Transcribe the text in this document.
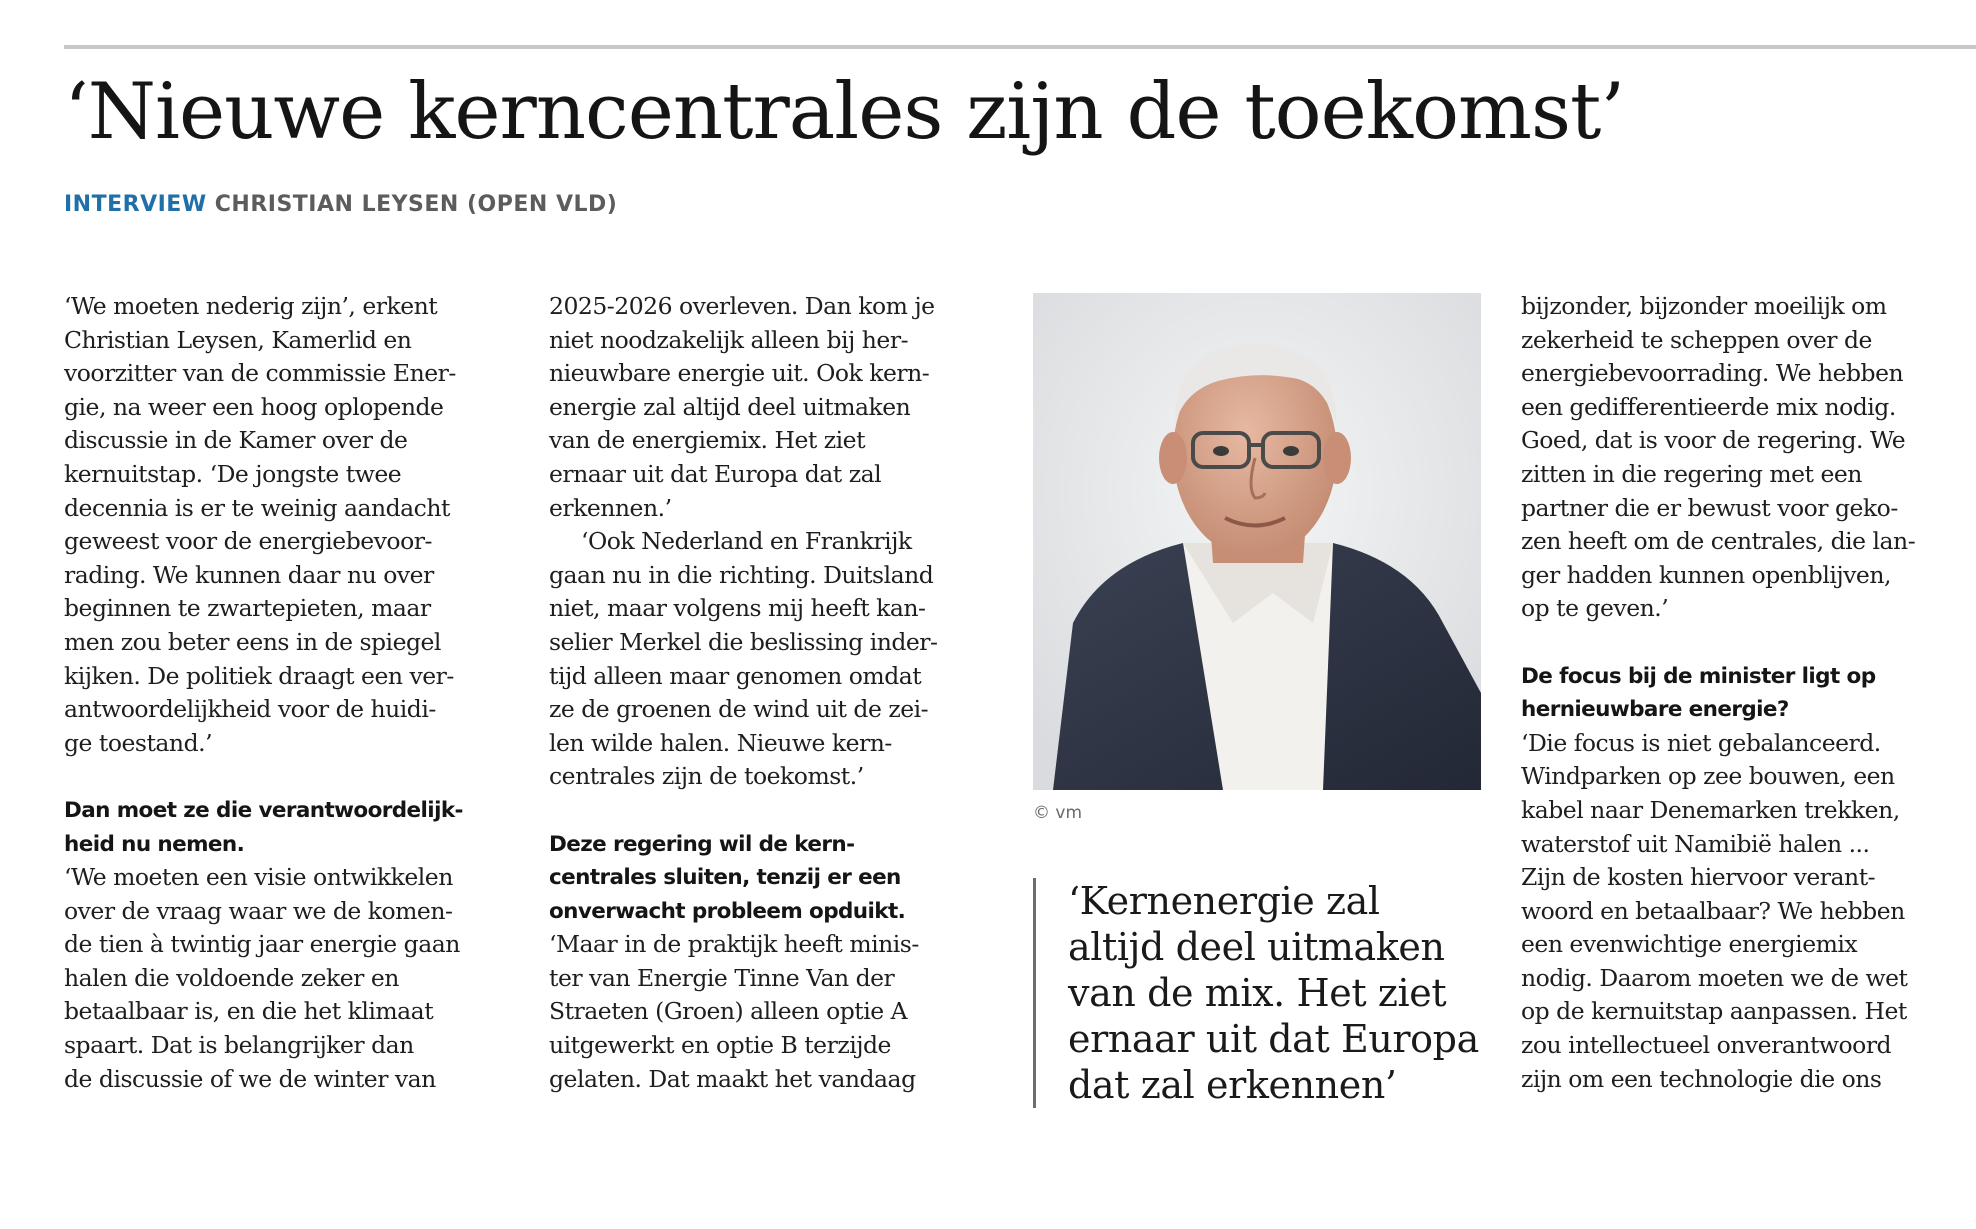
‘Nieuwe kerncentrales zijn de toekomst’
INTERVIEW CHRISTIAN LEYSEN (OPEN VLD)
‘We moeten nederig zijn’, erkent
Christian Leysen, Kamerlid en
voorzitter van de commissie Ener-
gie, na weer een hoog oplopende
discussie in de Kamer over de
kernuitstap. ‘De jongste twee
decennia is er te weinig aandacht
geweest voor de energiebevoor-
rading. We kunnen daar nu over
beginnen te zwartepieten, maar
men zou beter eens in de spiegel
kijken. De politiek draagt een ver-
antwoordelijkheid voor de huidi-
ge toestand.’
Dan moet ze die verantwoordelijk-
heid nu nemen.
‘We moeten een visie ontwikkelen
over de vraag waar we de komen-
de tien à twintig jaar energie gaan
halen die voldoende zeker en
betaalbaar is, en die het klimaat
spaart. Dat is belangrijker dan
de discussie of we de winter van
2025-2026 overleven. Dan kom je
niet noodzakelijk alleen bij her-
nieuwbare energie uit. Ook kern-
energie zal altijd deel uitmaken
van de energiemix. Het ziet
ernaar uit dat Europa dat zal
erkennen.’
‘Ook Nederland en Frankrijk
gaan nu in die richting. Duitsland
niet, maar volgens mij heeft kan-
selier Merkel die beslissing inder-
tijd alleen maar genomen omdat
ze de groenen de wind uit de zei-
len wilde halen. Nieuwe kern-
centrales zijn de toekomst.’
Deze regering wil de kern-
centrales sluiten, tenzij er een
onverwacht probleem opduikt.
‘Maar in de praktijk heeft minis-
ter van Energie Tinne Van der
Straeten (Groen) alleen optie A
uitgewerkt en optie B terzijde
gelaten. Dat maakt het vandaag
© vm
‘Kernenergie zal
altijd deel uitmaken
van de mix. Het ziet
ernaar uit dat Europa
dat zal erkennen’
bijzonder, bijzonder moeilijk om
zekerheid te scheppen over de
energiebevoorrading. We hebben
een gedifferentieerde mix nodig.
Goed, dat is voor de regering. We
zitten in die regering met een
partner die er bewust voor geko-
zen heeft om de centrales, die lan-
ger hadden kunnen openblijven,
op te geven.’
De focus bij de minister ligt op
hernieuwbare energie?
‘Die focus is niet gebalanceerd.
Windparken op zee bouwen, een
kabel naar Denemarken trekken,
waterstof uit Namibië halen ...
Zijn de kosten hiervoor verant-
woord en betaalbaar? We hebben
een evenwichtige energiemix
nodig. Daarom moeten we de wet
op de kernuitstap aanpassen. Het
zou intellectueel onverantwoord
zijn om een technologie die ons
